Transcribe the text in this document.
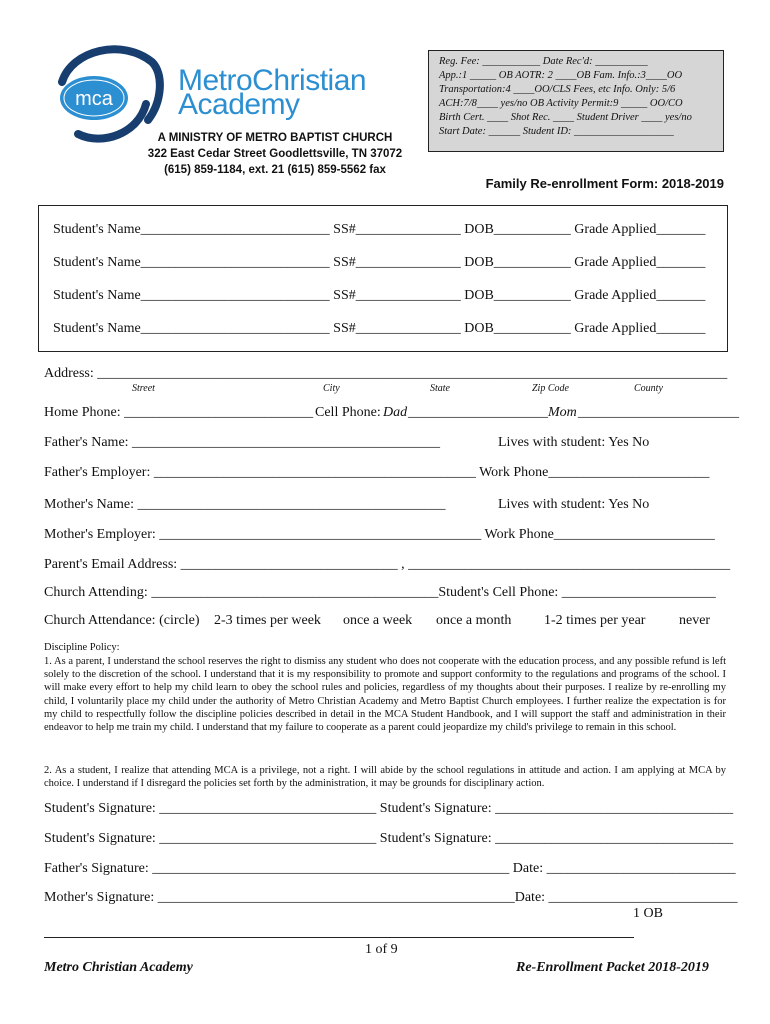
mca
MetroChristian
Academy
A MINISTRY OF METRO BAPTIST CHURCH
322 East Cedar Street Goodlettsville, TN 37072
(615) 859-1184, ext. 21 (615) 859-5562 fax
Reg. Fee: ___________ Date Rec'd: __________
App.:1 _____ OB AOTR: 2 ____OB Fam. Info.:3____OO
Transportation:4 ____OO/CLS Fees, etc Info. Only: 5/6
ACH:7/8____ yes/no OB Activity Permit:9 _____ OO/CO
Birth Cert. ____ Shot Rec. ____ Student Driver ____ yes/no
Start Date: ______ Student ID: ___________________
Family Re-enrollment Form: 2018-2019
Student's Name___________________________ SS#_______________ DOB___________ Grade Applied_______
Student's Name___________________________ SS#_______________ DOB___________ Grade Applied_______
Student's Name___________________________ SS#_______________ DOB___________ Grade Applied_______
Student's Name___________________________ SS#_______________ DOB___________ Grade Applied_______
Address: __________________________________________________________________________________________
Street	City	State	Zip Code	County
Home Phone: ___________________________ Cell Phone: Dad ____________________ Mom _______________________
Father's Name: ____________________________________________	Lives with student: Yes No
Father's Employer: ______________________________________________ Work Phone_______________________
Mother's Name: ____________________________________________	Lives with student: Yes No
Mother's Employer: ______________________________________________ Work Phone_______________________
Parent's Email Address: _______________________________ , ______________________________________________
Church Attending: _________________________________________Student's Cell Phone: ______________________
Church Attendance: (circle) 2-3 times per week once a week once a month 1-2 times per year never
Discipline Policy:
1. As a parent, I understand the school reserves the right to dismiss any student who does not cooperate with the education process, and any possible refund is left solely to the discretion of the school. I understand that it is my responsibility to promote and support conformity to the regulations and programs of the school. I will make every effort to help my child learn to obey the school rules and policies, regardless of my thoughts about their purposes. I realize by re-enrolling my child, I voluntarily place my child under the authority of Metro Christian Academy and Metro Baptist Church employees. I further realize the expectation is for my child to respectfully follow the discipline policies described in detail in the MCA Student Handbook, and I will support the staff and administration in their endeavor to help me train my child. I understand that my failure to cooperate as a parent could jeopardize my child's privilege to remain in this school.
2. As a student, I realize that attending MCA is a privilege, not a right. I will abide by the school regulations in attitude and action. I am applying at MCA by choice. I understand if I disregard the policies set forth by the administration, it may be grounds for disciplinary action.
Student's Signature: _______________________________ Student's Signature: __________________________________
Student's Signature: _______________________________ Student's Signature: __________________________________
Father's Signature: ___________________________________________________ Date: ___________________________
Mother's Signature: ___________________________________________________Date: ___________________________
1 OB
1 of 9
Metro Christian Academy	Re-Enrollment Packet 2018-2019
